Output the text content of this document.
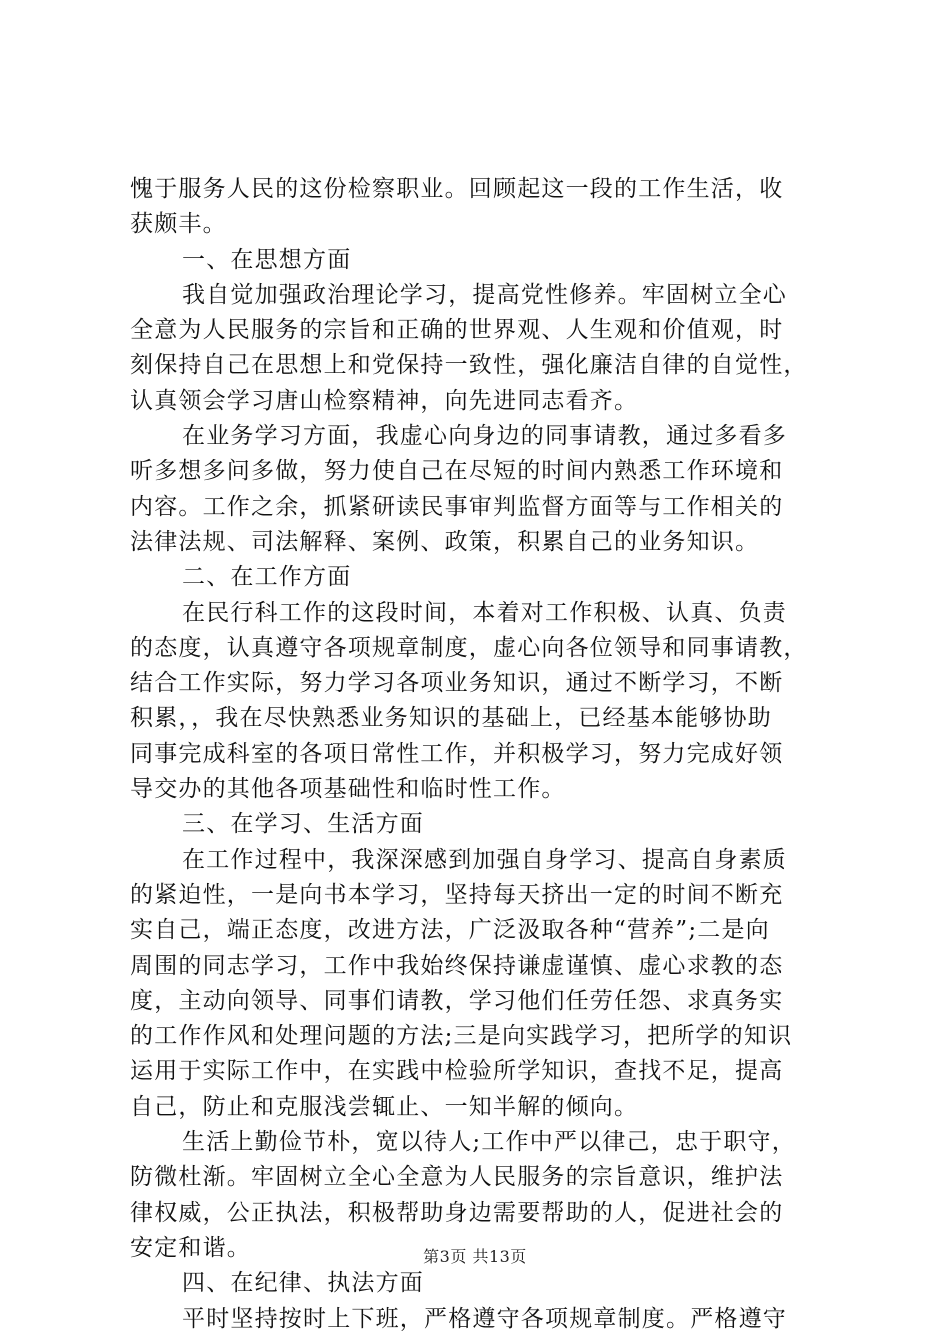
愧于服务人民的这份检察职业。回顾起这一段的工作生活，收
获颇丰。
一、在思想方面
我自觉加强政治理论学习，提高党性修养。牢固树立全心
全意为人民服务的宗旨和正确的世界观、人生观和价值观，时
刻保持自己在思想上和党保持一致性，强化廉洁自律的自觉性，
认真领会学习唐山检察精神，向先进同志看齐。
在业务学习方面，我虚心向身边的同事请教，通过多看多
听多想多问多做，努力使自己在尽短的时间内熟悉工作环境和
内容。工作之余，抓紧研读民事审判监督方面等与工作相关的
法律法规、司法解释、案例、政策，积累自己的业务知识。
二、在工作方面
在民行科工作的这段时间，本着对工作积极、认真、负责
的态度，认真遵守各项规章制度，虚心向各位领导和同事请教，
结合工作实际，努力学习各项业务知识，通过不断学习，不断
积累，，我在尽快熟悉业务知识的基础上，已经基本能够协助
同事完成科室的各项日常性工作，并积极学习，努力完成好领
导交办的其他各项基础性和临时性工作。
三、在学习、生活方面
在工作过程中，我深深感到加强自身学习、提高自身素质
的紧迫性，一是向书本学习，坚持每天挤出一定的时间不断充
实自己，端正态度，改进方法，广泛汲取各种“营养”;二是向
周围的同志学习，工作中我始终保持谦虚谨慎、虚心求教的态
度，主动向领导、同事们请教，学习他们任劳任怨、求真务实
的工作作风和处理问题的方法;三是向实践学习，把所学的知识
运用于实际工作中，在实践中检验所学知识，查找不足，提高
自己，防止和克服浅尝辄止、一知半解的倾向。
生活上勤俭节朴，宽以待人;工作中严以律己，忠于职守，
防微杜渐。牢固树立全心全意为人民服务的宗旨意识，维护法
律权威，公正执法，积极帮助身边需要帮助的人，促进社会的
安定和谐。
四、在纪律、执法方面
平时坚持按时上下班，严格遵守各项规章制度。严格遵守
第3页 共13页
